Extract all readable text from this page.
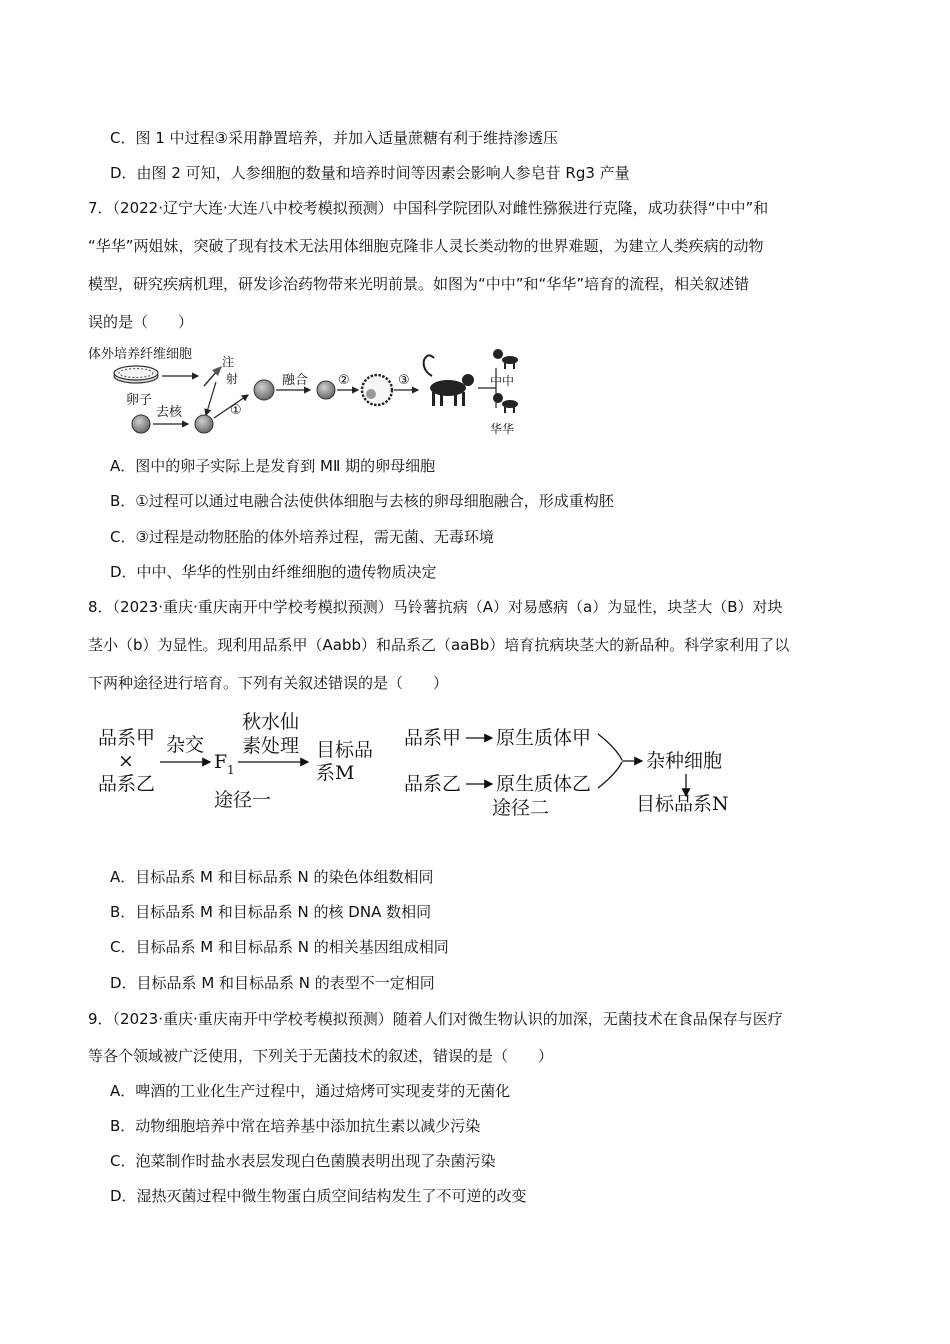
C．图 1 中过程③采用静置培养，并加入适量蔗糖有利于维持渗透压
D．由图 2 可知，人参细胞的数量和培养时间等因素会影响人参皂苷 Rg3 产量
7．（2022·辽宁大连·大连八中校考模拟预测）中国科学院团队对雌性猕猴进行克隆，成功获得“中中”和
“华华”两姐妹，突破了现有技术无法用体细胞克隆非人灵长类动物的世界难题，为建立人类疾病的动物
模型，研究疾病机理，研发诊治药物带来光明前景。如图为“中中”和“华华”培育的流程，相关叙述错
误的是（　　）
体外培养纤维细胞 注
射
卵子
去核	①
融合 ②	③	中中
华华
A．图中的卵子实际上是发育到 MⅡ 期的卵母细胞
B．①过程可以通过电融合法使供体细胞与去核的卵母细胞融合，形成重构胚
C．③过程是动物胚胎的体外培养过程，需无菌、无毒环境
D．中中、华华的性别由纤维细胞的遗传物质决定
8．（2023·重庆·重庆南开中学校考模拟预测）马铃薯抗病（A）对易感病（a）为显性，块茎大（B）对块
茎小（b）为显性。现利用品系甲（Aabb）和品系乙（aaBb）培育抗病块茎大的新品种。科学家利用了以
下两种途径进行培育。下列有关叙述错误的是（　　）
品系甲
×
品系乙
杂交
F 1
秋水仙
素处理 目标品
系M
途径一
品系甲 原生质体甲
品系乙 原生质体乙
途径二
杂种细胞
目标品系N
A．目标品系 M 和目标品系 N 的染色体组数相同
B．目标品系 M 和目标品系 N 的核 DNA 数相同
C．目标品系 M 和目标品系 N 的相关基因组成相同
D．目标品系 M 和目标品系 N 的表型不一定相同
9．（2023·重庆·重庆南开中学校考模拟预测）随着人们对微生物认识的加深，无菌技术在食品保存与医疗
等各个领域被广泛使用，下列关于无菌技术的叙述，错误的是（　　）
A．啤酒的工业化生产过程中，通过焙烤可实现麦芽的无菌化
B．动物细胞培养中常在培养基中添加抗生素以减少污染
C．泡菜制作时盐水表层发现白色菌膜表明出现了杂菌污染
D．湿热灭菌过程中微生物蛋白质空间结构发生了不可逆的改变
